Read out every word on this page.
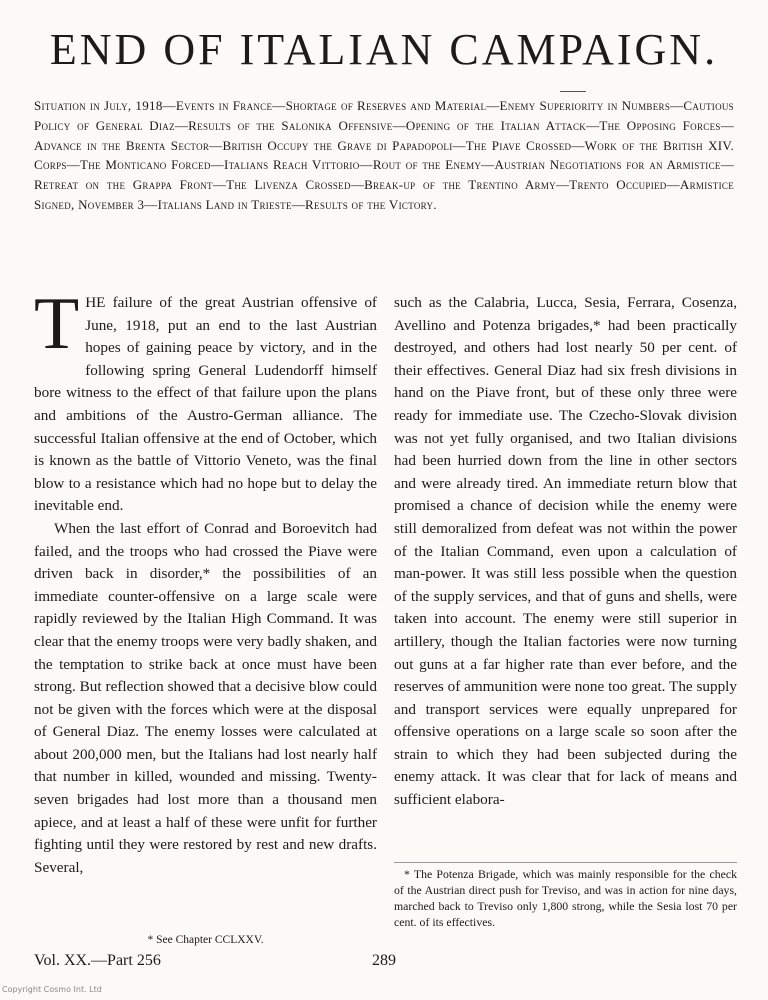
END OF ITALIAN CAMPAIGN.

Situation in July, 1918—Events in France—Shortage of Reserves and Material—Enemy Superiority in Numbers—Cautious Policy of General Diaz—Results of the Salonika Offensive—Opening of the Italian Attack—The Opposing Forces—Advance in the Brenta Sector—British Occupy the Grave di Papadopoli—The Piave Crossed—Work of the British XIV. Corps—The Monticano Forced—Italians Reach Vittorio—Rout of the Enemy—Austrian Negotiations for an Armistice—Retreat on the Grappa Front—The Livenza Crossed—Break-up of the Trentino Army—Trento Occupied—Armistice Signed, November 3—Italians Land in Trieste—Results of the Victory.

THE failure of the great Austrian offensive of June, 1918, put an end to the last Austrian hopes of gaining peace by victory, and in the following spring General Ludendorff himself bore witness to the effect of that failure upon the plans and ambitions of the Austro-German alliance. The successful Italian offensive at the end of October, which is known as the battle of Vittorio Veneto, was the final blow to a resistance which had no hope but to delay the inevitable end.

When the last effort of Conrad and Boroevitch had failed, and the troops who had crossed the Piave were driven back in disorder,* the possibilities of an immediate counter-offensive on a large scale were rapidly reviewed by the Italian High Command. It was clear that the enemy troops were very badly shaken, and the temptation to strike back at once must have been strong. But reflection showed that a decisive blow could not be given with the forces which were at the disposal of General Diaz. The enemy losses were calculated at about 200,000 men, but the Italians had lost nearly half that number in killed, wounded and missing. Twenty-seven brigades had lost more than a thousand men apiece, and at least a half of these were unfit for further fighting until they were restored by rest and new drafts. Several,

such as the Calabria, Lucca, Sesia, Ferrara, Cosenza, Avellino and Potenza brigades,* had been practically destroyed, and others had lost nearly 50 per cent. of their effectives. General Diaz had six fresh divisions in hand on the Piave front, but of these only three were ready for immediate use. The Czecho-Slovak division was not yet fully organised, and two Italian divisions had been hurried down from the line in other sectors and were already tired. An immediate return blow that promised a chance of decision while the enemy were still demoralized from defeat was not within the power of the Italian Command, even upon a calculation of man-power. It was still less possible when the question of the supply services, and that of guns and shells, were taken into account. The enemy were still superior in artillery, though the Italian factories were now turning out guns at a far higher rate than ever before, and the reserves of ammunition were none too great. The supply and transport services were equally unprepared for offensive operations on a large scale so soon after the strain to which they had been subjected during the enemy attack. It was clear that for lack of means and sufficient elabora-

* See Chapter CCLXXV.

* The Potenza Brigade, which was mainly responsible for the check of the Austrian direct push for Treviso, and was in action for nine days, marched back to Treviso only 1,800 strong, while the Sesia lost 70 per cent. of its effectives.

Vol. XX.—Part 256	289

Copyright Cosmo Int. Ltd
